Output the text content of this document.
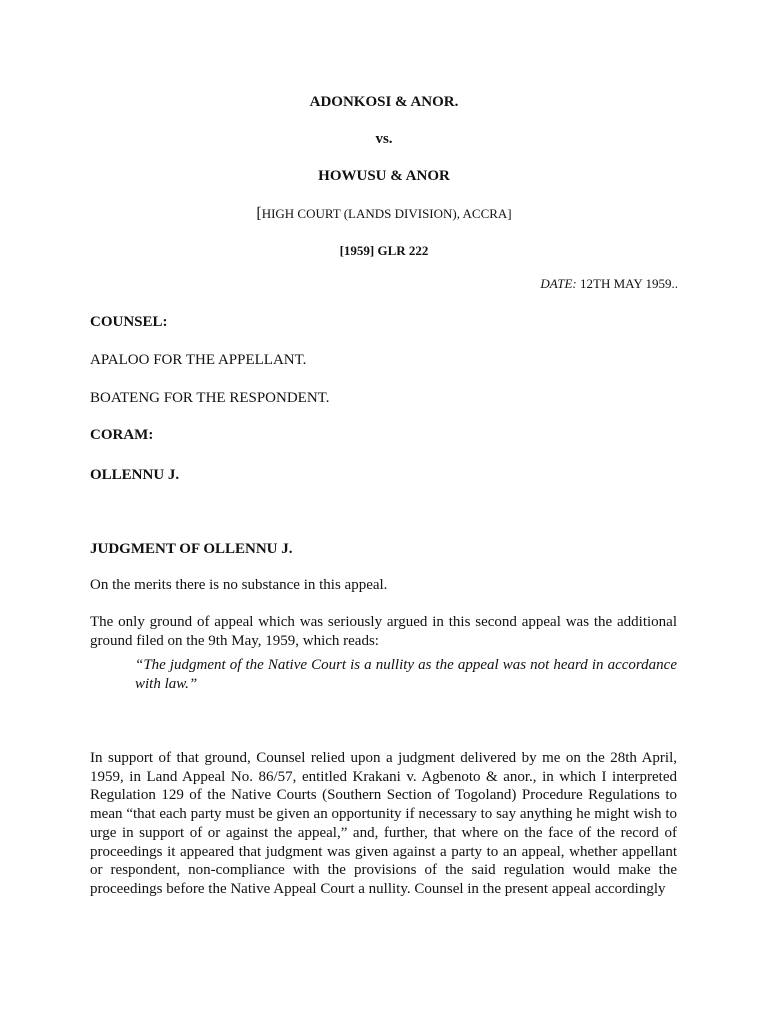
ADONKOSI & ANOR.
vs.
HOWUSU & ANOR
[HIGH COURT (LANDS DIVISION), ACCRA]
[1959] GLR 222
DATE: 12TH MAY 1959..
COUNSEL:
APALOO FOR THE APPELLANT.
BOATENG FOR THE RESPONDENT.
CORAM:
OLLENNU J.
JUDGMENT OF OLLENNU J.
On the merits there is no substance in this appeal.
The only ground of appeal which was seriously argued in this second appeal was the additional ground filed on the 9th May, 1959, which reads:
“The judgment of the Native Court is a nullity as the appeal was not heard in accordance with law.”
In support of that ground, Counsel relied upon a judgment delivered by me on the 28th April, 1959, in Land Appeal No. 86/57, entitled Krakani v. Agbenoto & anor., in which I interpreted Regulation 129 of the Native Courts (Southern Section of Togoland) Procedure Regulations to mean “that each party must be given an opportunity if necessary to say anything he might wish to urge in support of or against the appeal,” and, further, that where on the face of the record of proceedings it appeared that judgment was given against a party to an appeal, whether appellant or respondent, non-compliance with the provisions of the said regulation would make the proceedings before the Native Appeal Court a nullity. Counsel in the present appeal accordingly
